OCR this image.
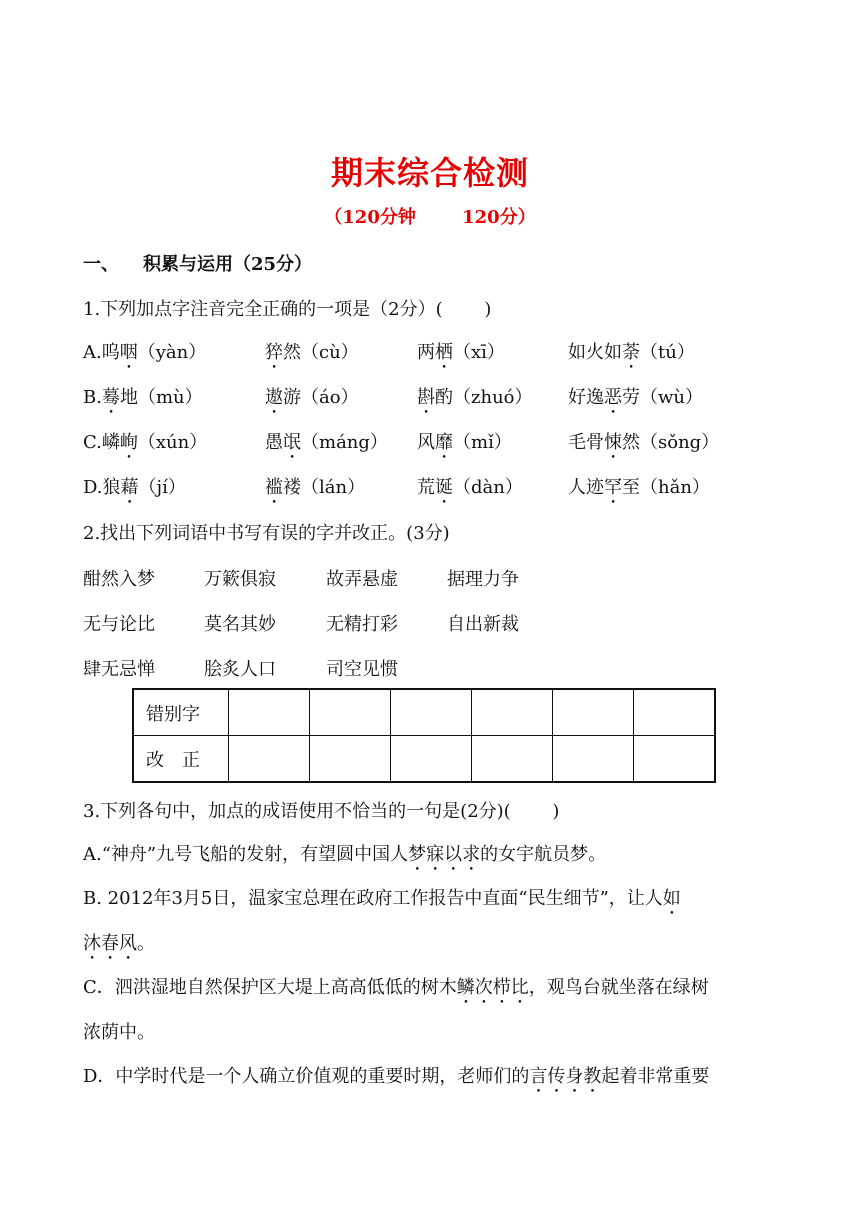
期末综合检测
（120分钟　 120分）
一、 积累与运用（25分）
1.下列加点字注音完全正确的一项是（2分）(　 　)
A.呜咽（yàn）	猝然（cù）	两栖（xī）	如火如荼（tú）
B.蓦地（mù）	遨游（áo）	斟酌（zhuó） 好逸恶劳（wù）
C.嶙峋（xún）	愚氓（máng） 风靡（mǐ）	毛骨悚然（sǒng）
D.狼藉（jí）	褴褛（lán）	荒诞（dàn）	人迹罕至（hǎn）
2.找出下列词语中书写有误的字并改正。(3分)
酣然入梦	万簌俱寂	故弄悬虚	据理力争
无与论比	莫名其妙	无精打彩	自出新裁
肆无忌惮	脍炙人口	司空见惯
错别字						
改　正						
3.下列各句中，加点的成语使用不恰当的一句是(2分)(　 　)
A.“神舟”九号飞船的发射，有望圆中国人梦寐以求的女宇航员梦。
B. 2012年3月5日，温家宝总理在政府工作报告中直面“民生细节”，让人如
沐春风。
C．泗洪湿地自然保护区大堤上高高低低的树木鳞次栉比，观鸟台就坐落在绿树
浓荫中。
D．中学时代是一个人确立价值观的重要时期，老师们的言传身教起着非常重要
